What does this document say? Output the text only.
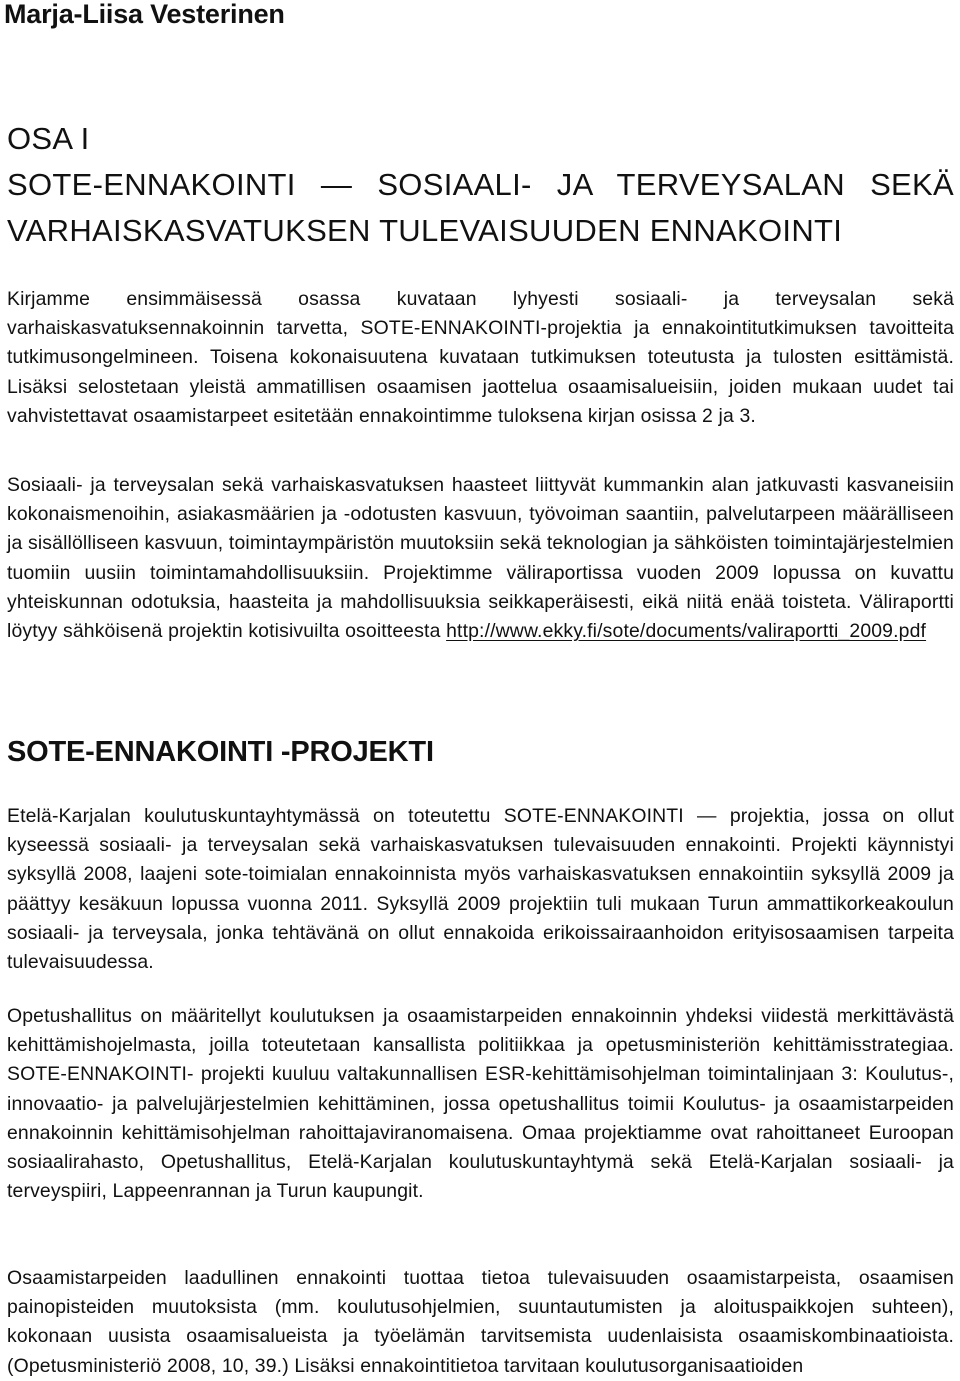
Marja-Liisa Vesterinen
OSA I
SOTE-ENNAKOINTI — SOSIAALI- JA TERVEYSALAN SEKÄ
VARHAISKASVATUKSEN TULEVAISUUDEN ENNAKOINTI

Kirjamme ensimmäisessä osassa kuvataan lyhyesti sosiaali- ja terveysalan sekä varhaiskasvatuksennakoinnin tarvetta, SOTE-ENNAKOINTI-projektia ja ennakointitutkimuksen tavoitteita tutkimusongelmineen. Toisena kokonaisuutena kuvataan tutkimuksen toteutusta ja tulosten esittämistä. Lisäksi selostetaan yleistä ammatillisen osaamisen jaottelua osaamisalueisiin, joiden mukaan uudet tai vahvistettavat osaamistarpeet esitetään ennakointimme tuloksena kirjan osissa 2 ja 3.

Sosiaali- ja terveysalan sekä varhaiskasvatuksen haasteet liittyvät kummankin alan jatkuvasti kasvaneisiin kokonaismenoihin, asiakasmäärien ja -odotusten kasvuun, työvoiman saantiin, palvelutarpeen määrälliseen ja sisällölliseen kasvuun, toimintaympäristön muutoksiin sekä teknologian ja sähköisten toimintajärjestelmien tuomiin uusiin toimintamahdollisuuksiin. Projektimme väliraportissa vuoden 2009 lopussa on kuvattu yhteiskunnan odotuksia, haasteita ja mahdollisuuksia seikkaperäisesti, eikä niitä enää toisteta. Väliraportti löytyy sähköisenä projektin kotisivuilta osoitteesta http://www.ekky.fi/sote/documents/valiraportti_2009.pdf

SOTE-ENNAKOINTI -PROJEKTI

Etelä-Karjalan koulutuskuntayhtymässä on toteutettu SOTE-ENNAKOINTI — projektia, jossa on ollut kyseessä sosiaali- ja terveysalan sekä varhaiskasvatuksen tulevaisuuden ennakointi. Projekti käynnistyi syksyllä 2008, laajeni sote-toimialan ennakoinnista myös varhaiskasvatuksen ennakointiin syksyllä 2009 ja päättyy kesäkuun lopussa vuonna 2011. Syksyllä 2009 projektiin tuli mukaan Turun ammattikorkeakoulun sosiaali- ja terveysala, jonka tehtävänä on ollut ennakoida erikoissairaanhoidon erityisosaamisen tarpeita tulevaisuudessa.

Opetushallitus on määritellyt koulutuksen ja osaamistarpeiden ennakoinnin yhdeksi viidestä merkittävästä kehittämishojelmasta, joilla toteutetaan kansallista politiikkaa ja opetusministeriön kehittämisstrategiaa. SOTE-ENNAKOINTI- projekti kuuluu valtakunnallisen ESR-kehittämisohjelman toimintalinjaan 3: Koulutus-, innovaatio- ja palvelujärjestelmien kehittäminen, jossa opetushallitus toimii Koulutus- ja osaamistarpeiden ennakoinnin kehittämisohjelman rahoittajaviranomaisena. Omaa projektiamme ovat rahoittaneet Euroopan sosiaalirahasto, Opetushallitus, Etelä-Karjalan koulutuskuntayhtymä sekä Etelä-Karjalan sosiaali- ja terveyspiiri, Lappeenrannan ja Turun kaupungit.

Osaamistarpeiden laadullinen ennakointi tuottaa tietoa tulevaisuuden osaamistarpeista, osaamisen painopisteiden muutoksista (mm. koulutusohjelmien, suuntautumisten ja aloituspaikkojen suhteen), kokonaan uusista osaamisalueista ja työelämän tarvitsemista uudenlaisista osaamiskombinaatioista. (Opetusministeriö 2008, 10, 39.) Lisäksi ennakointitietoa tarvitaan koulutusorganisaatioiden
